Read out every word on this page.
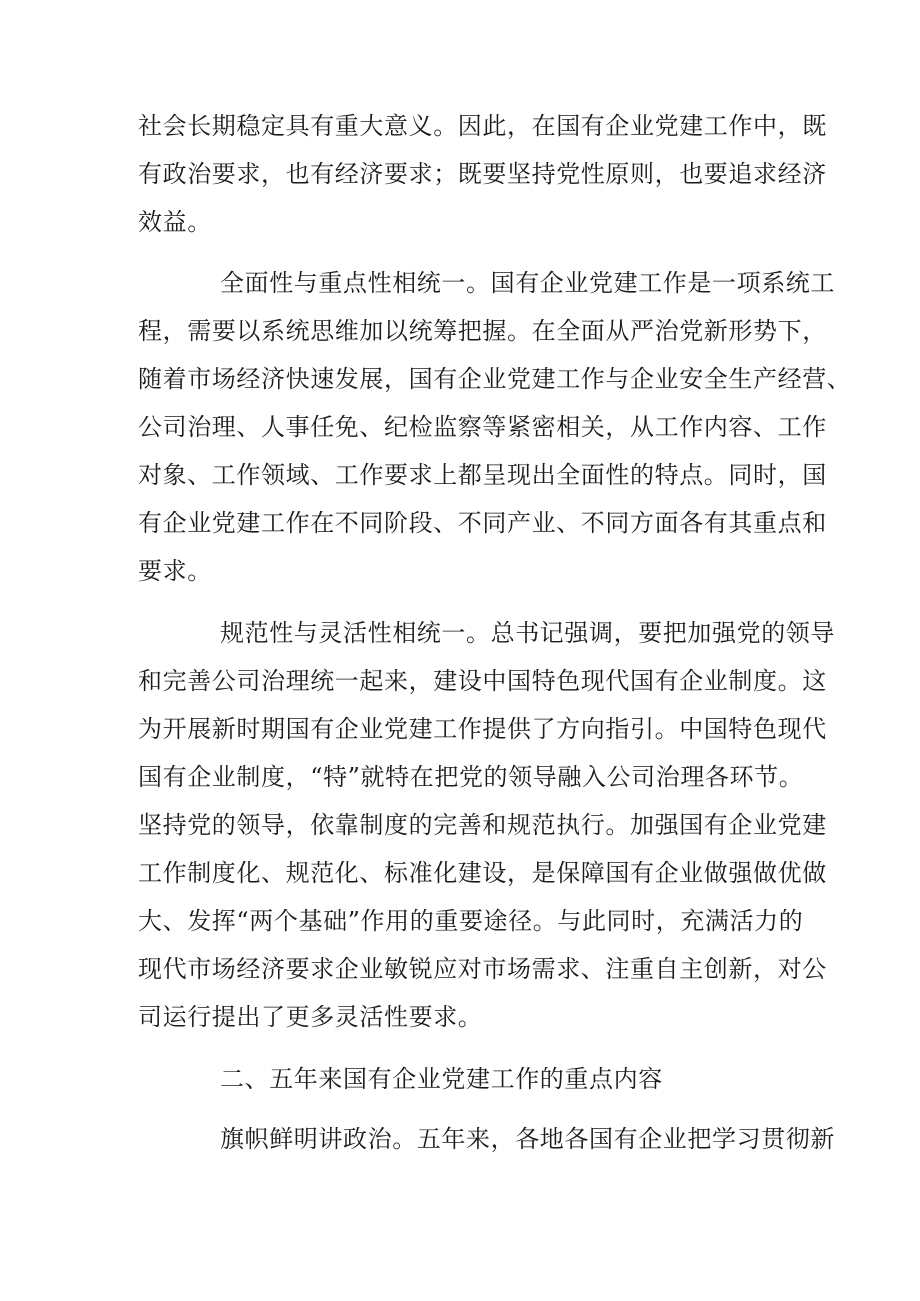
社会长期稳定具有重大意义。因此，在国有企业党建工作中，既

有政治要求，也有经济要求；既要坚持党性原则，也要追求经济

效益。

全面性与重点性相统一。国有企业党建工作是一项系统工

程，需要以系统思维加以统筹把握。在全面从严治党新形势下，

随着市场经济快速发展，国有企业党建工作与企业安全生产经营、

公司治理、人事任免、纪检监察等紧密相关，从工作内容、工作

对象、工作领域、工作要求上都呈现出全面性的特点。同时，国

有企业党建工作在不同阶段、不同产业、不同方面各有其重点和

要求。

规范性与灵活性相统一。总书记强调，要把加强党的领导

和完善公司治理统一起来，建设中国特色现代国有企业制度。这

为开展新时期国有企业党建工作提供了方向指引。中国特色现代

国有企业制度，“特”就特在把党的领导融入公司治理各环节。

坚持党的领导，依靠制度的完善和规范执行。加强国有企业党建

工作制度化、规范化、标准化建设，是保障国有企业做强做优做

大、发挥“两个基础”作用的重要途径。与此同时，充满活力的

现代市场经济要求企业敏锐应对市场需求、注重自主创新，对公

司运行提出了更多灵活性要求。

二、五年来国有企业党建工作的重点内容

旗帜鲜明讲政治。五年来，各地各国有企业把学习贯彻新
